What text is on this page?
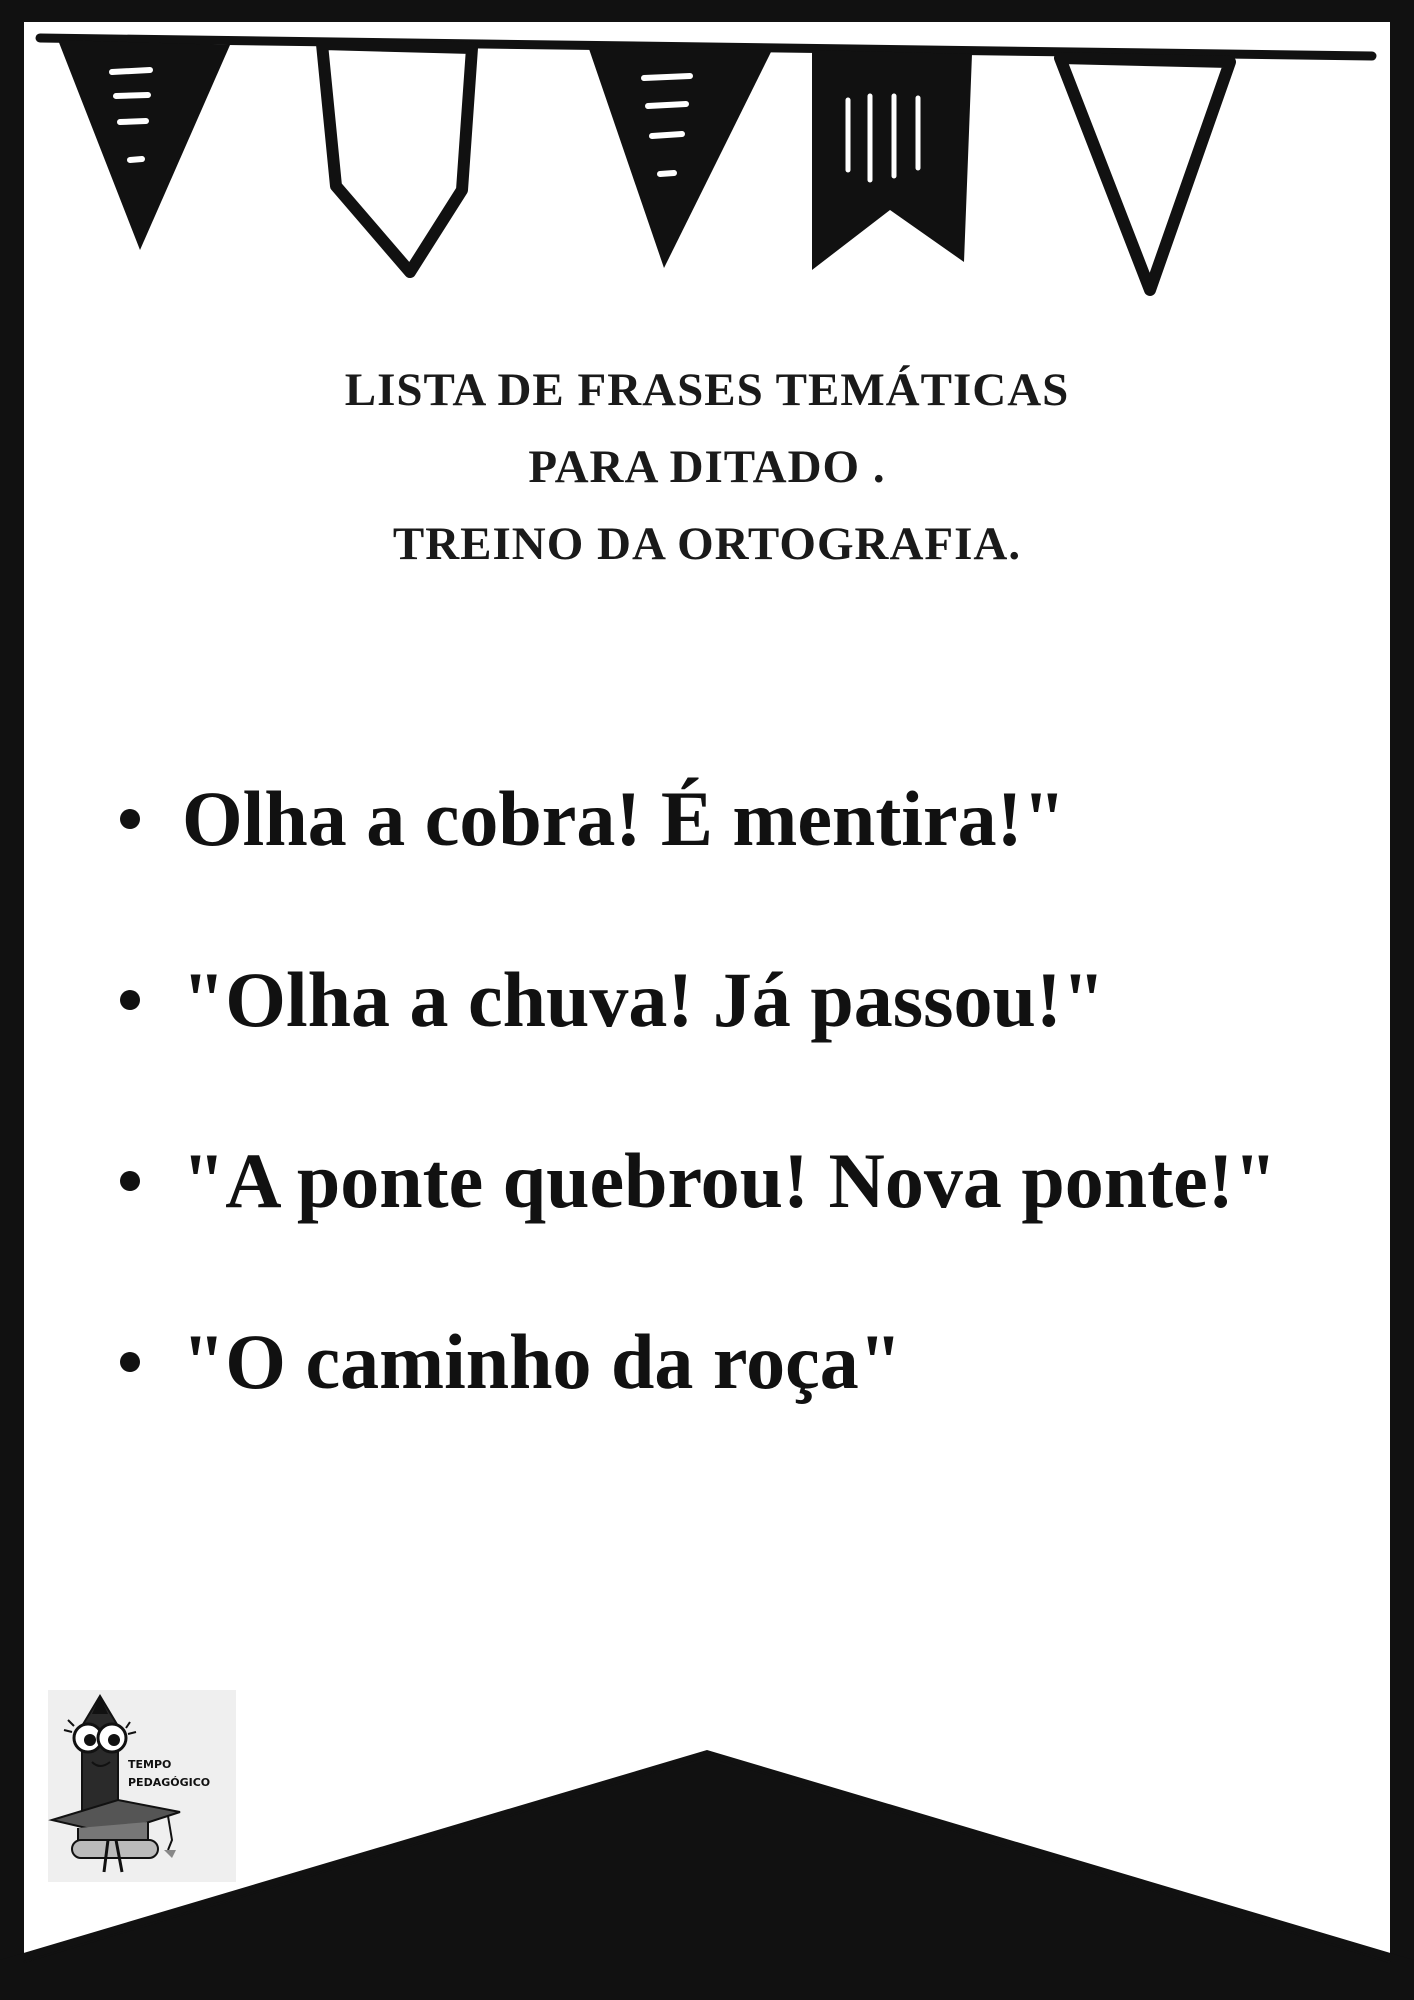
LISTA DE FRASES TEMÁTICAS
PARA DITADO .
TREINO DA ORTOGRAFIA.
Olha a cobra! É mentira!"
"Olha a chuva! Já passou!"
"A ponte quebrou! Nova ponte!"
"O caminho da roça"
TEMPO
PEDAGÓGICO
